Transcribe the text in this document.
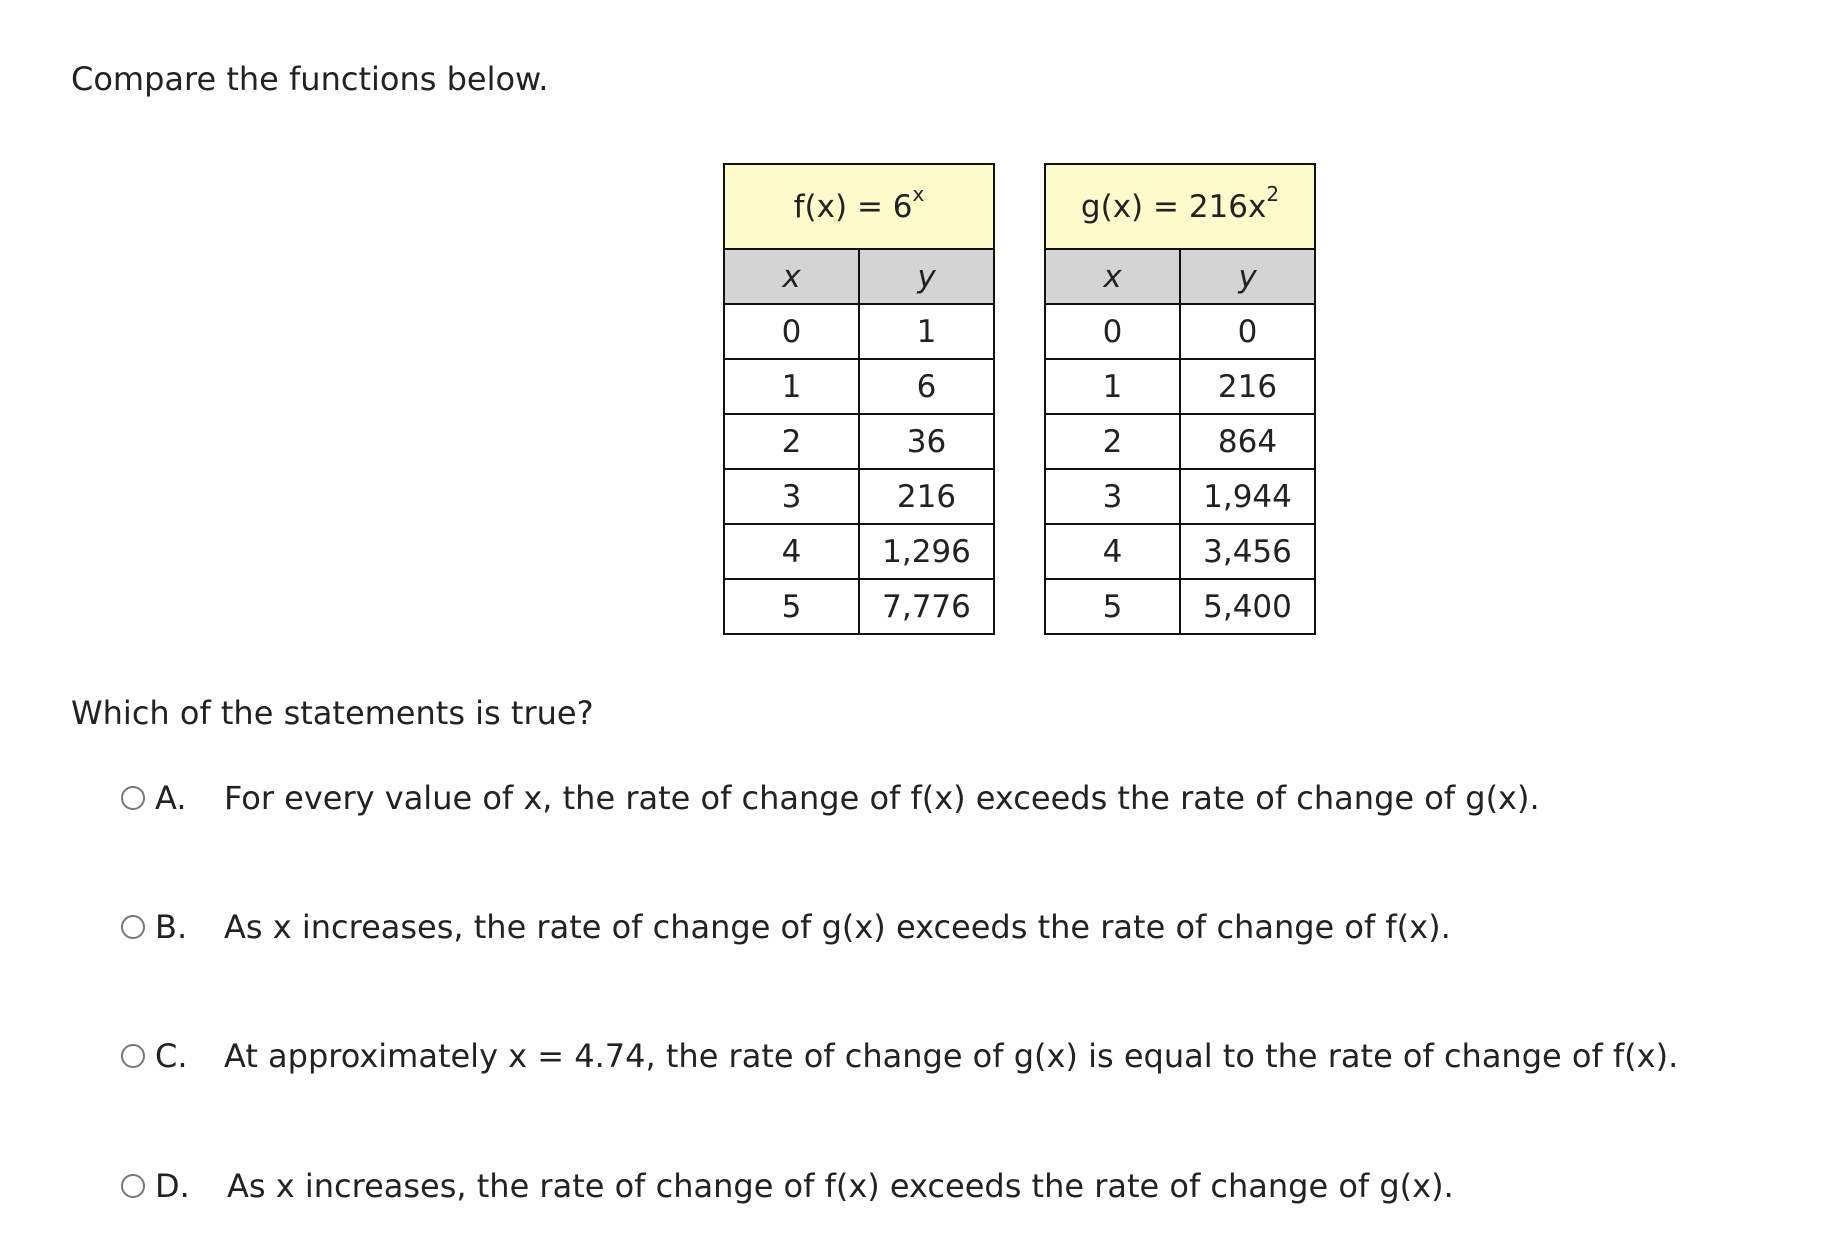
Compare the functions below.
$f(x) = 6^x$
x	y
0	1
1	6
2	36
3	216
4	1,296
5	7,776
$g(x) = 216x^2$
x	y
0	0
1	216
2	864
3	1,944
4	3,456
5	5,400
Which of the statements is true?
A.	For every value of x, the rate of change of f(x) exceeds the rate of change of g(x).
B.	As x increases, the rate of change of g(x) exceeds the rate of change of f(x).
C.	At approximately x = 4.74, the rate of change of g(x) is equal to the rate of change of f(x).
D.	As x increases, the rate of change of f(x) exceeds the rate of change of g(x).
